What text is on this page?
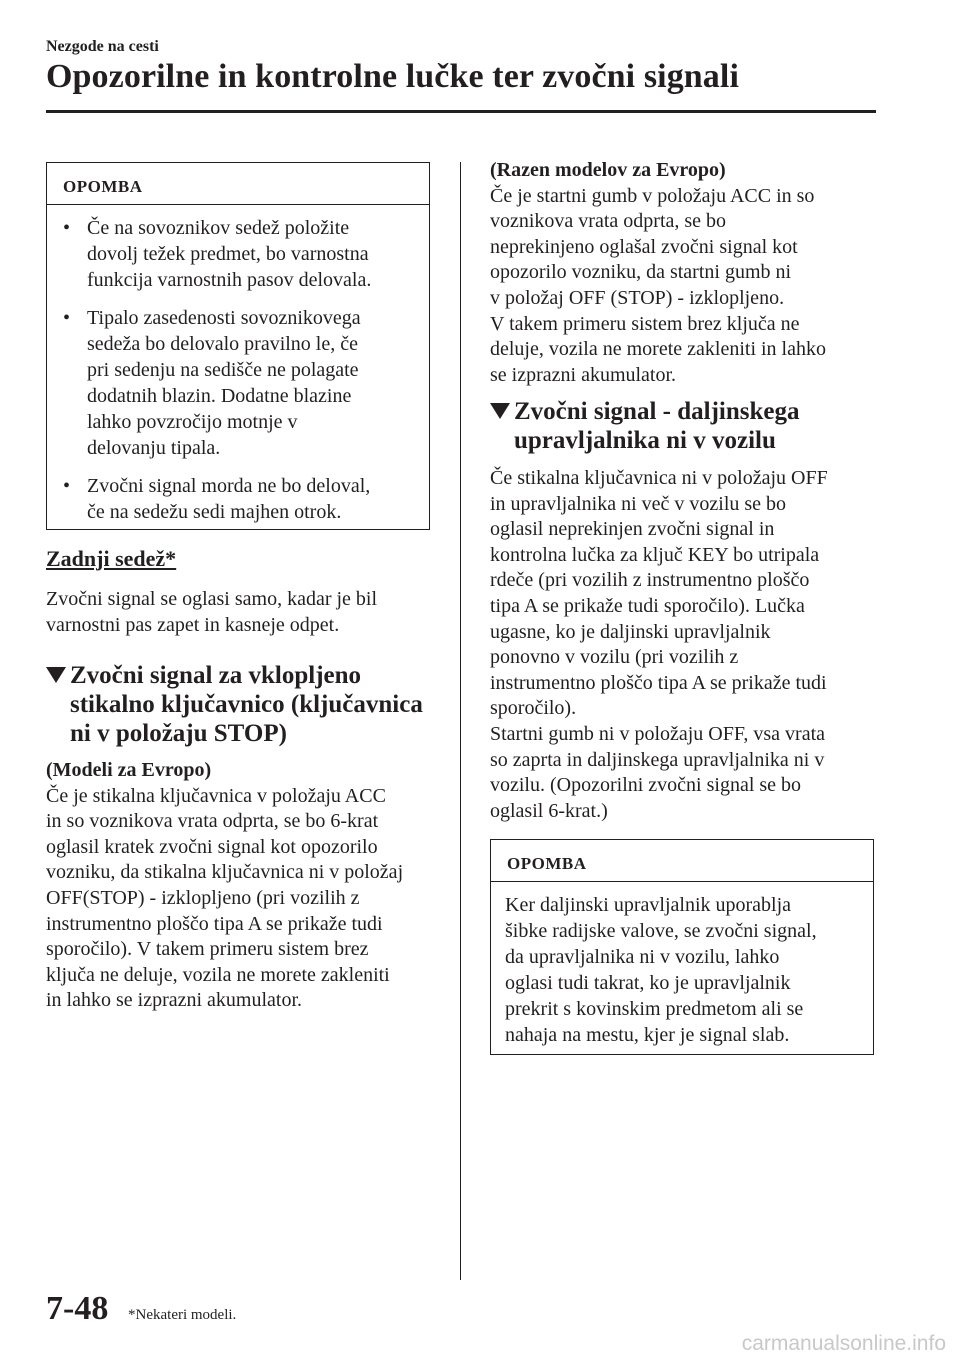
Nezgode na cesti
Opozorilne in kontrolne lučke ter zvočni signali
OPOMBA
• Če na sovoznikov sedež položite
dovolj težek predmet, bo varnostna
funkcija varnostnih pasov delovala.
• Tipalo zasedenosti sovoznikovega
sedeža bo delovalo pravilno le, če
pri sedenju na sedišče ne polagate
dodatnih blazin. Dodatne blazine
lahko povzročijo motnje v
delovanju tipala.
• Zvočni signal morda ne bo deloval,
če na sedežu sedi majhen otrok.
Zadnji sedež*
Zvočni signal se oglasi samo, kadar je bil
varnostni pas zapet in kasneje odpet.
Zvočni signal za vklopljeno
stikalno ključavnico (ključavnica
ni v položaju STOP)
(Modeli za Evropo)
Če je stikalna ključavnica v položaju ACC
in so voznikova vrata odprta, se bo 6-krat
oglasil kratek zvočni signal kot opozorilo
vozniku, da stikalna ključavnica ni v položaj
OFF(STOP) - izklopljeno (pri vozilih z
instrumentno ploščo tipa A se prikaže tudi
sporočilo). V takem primeru sistem brez
ključa ne deluje, vozila ne morete zakleniti
in lahko se izprazni akumulator.
(Razen modelov za Evropo)
Če je startni gumb v položaju ACC in so
voznikova vrata odprta, se bo
neprekinjeno oglašal zvočni signal kot
opozorilo vozniku, da startni gumb ni
v položaj OFF (STOP) - izklopljeno.
V takem primeru sistem brez ključa ne
deluje, vozila ne morete zakleniti in lahko
se izprazni akumulator.
Zvočni signal - daljinskega
upravljalnika ni v vozilu
Če stikalna ključavnica ni v položaju OFF
in upravljalnika ni več v vozilu se bo
oglasil neprekinjen zvočni signal in
kontrolna lučka za ključ KEY bo utripala
rdeče (pri vozilih z instrumentno ploščo
tipa A se prikaže tudi sporočilo). Lučka
ugasne, ko je daljinski upravljalnik
ponovno v vozilu (pri vozilih z
instrumentno ploščo tipa A se prikaže tudi
sporočilo).
Startni gumb ni v položaju OFF, vsa vrata
so zaprta in daljinskega upravljalnika ni v
vozilu. (Opozorilni zvočni signal se bo
oglasil 6-krat.)
OPOMBA
Ker daljinski upravljalnik uporablja
šibke radijske valove, se zvočni signal,
da upravljalnika ni v vozilu, lahko
oglasi tudi takrat, ko je upravljalnik
prekrit s kovinskim predmetom ali se
nahaja na mestu, kjer je signal slab.
7-48 *Nekateri modeli.
carmanualsonline.info
